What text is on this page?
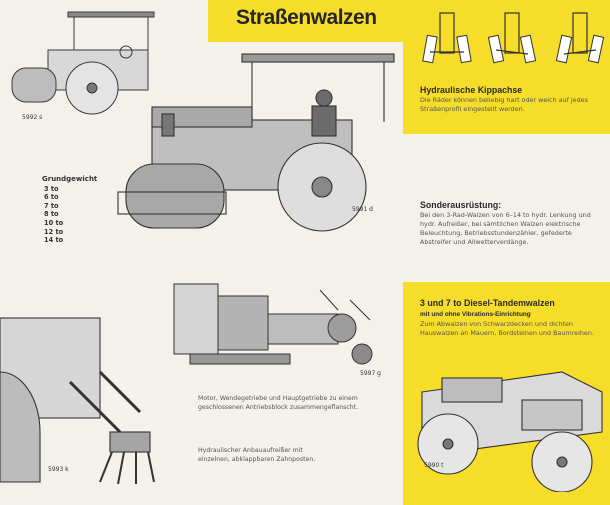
Straßenwalzen
Hydraulische Kippachse
Die Räder können beliebig hart oder weich auf jedes Straßenprofil eingestellt werden.
Sonderausrüstung:
Bei den 3-Rad-Walzen von 6–14 to hydr. Lenkung und hydr. Aufreißer, bei sämtlichen Walzen elektrische Beleuchtung, Betriebsstundenzähler, gefederte Abstreifer und Allwetterverdänge.
3 und 7 to Diesel-Tandemwalzen
mit und ohne Vibrations-Einrichtung
Zum Abwalzen von Schwarzdecken und dichten Hauswalzen an Mauern, Bordsteinen und Baumreihen.
Grundgewicht
3 to
6 to
7 to
8 to
10 to
12 to
14 to
5992 s
5991 d
5997 g
Motor, Wendegetriebe und Hauptgetriebe zu einem geschlossenen Antriebsblock zusammengeflanscht.
5993 k
Hydraulischer Anbauaufreißer mit einzelnen, abklappbaren Zahnposten.
5990 t
